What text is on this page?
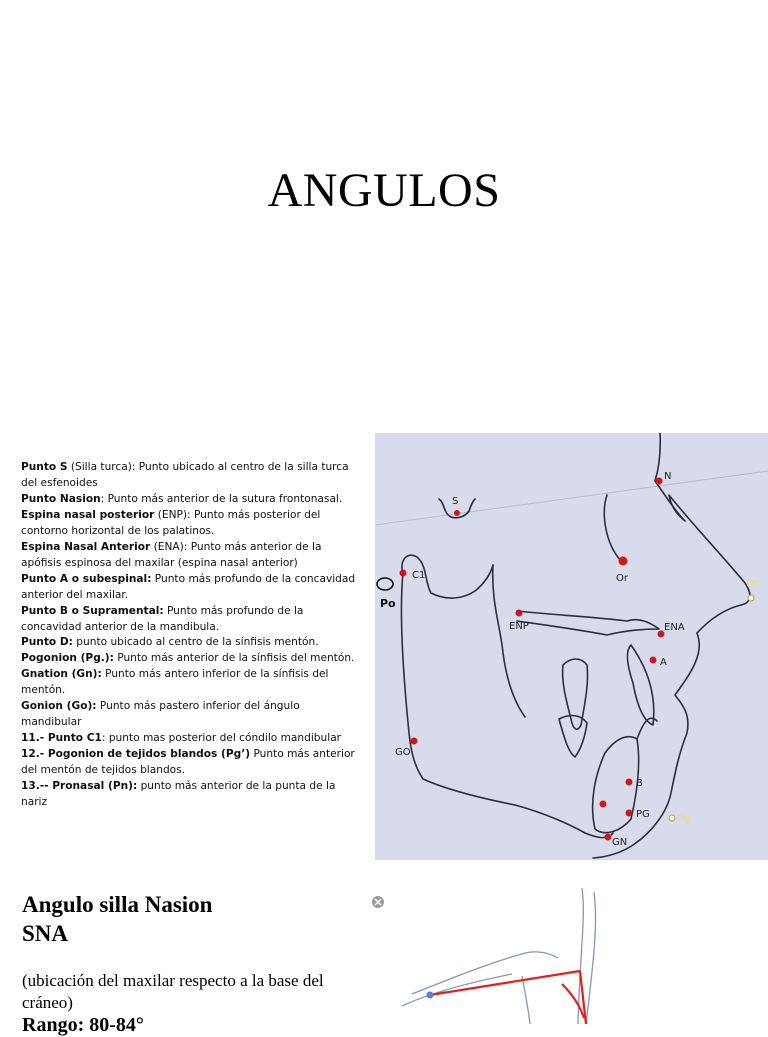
ANGULOS

Punto S (Silla turca): Punto ubicado al centro de la silla turca del esfenoides

Punto Nasion: Punto más anterior de la sutura frontonasal.

Espina nasal posterior (ENP): Punto más posterior del contorno horizontal de los palatinos.

Espina Nasal Anterior (ENA): Punto más anterior de la apófisis espinosa del maxilar (espina nasal anterior)

Punto A o subespinal: Punto más profundo de la concavidad anterior del maxilar.

Punto B o Supramental: Punto más profundo de la concavidad anterior de la mandibula.

Punto D: punto ubicado al centro de la sínfisis mentón.

Pogonion (Pg.): Punto más anterior de la sínfisis del mentón.

Gnation (Gn): Punto más antero inferior de la sínfisis del mentón.

Gonion (Go): Punto más pastero inferior del ángulo mandibular

11.- Punto C1: punto mas posterior del cóndilo mandibular

12.- Pogonion de tejidos blandos (Pg’) Punto más anterior del mentón de tejidos blandos.

13.-- Pronasal (Pn): punto más anterior de la punta de la nariz

S
N
Or
Po
C1
Pn'
ENP	ENA
A
GO
B
PG	Pg'
GN
Angulo silla Nasion
SNA
(ubicación del maxilar respecto a la base del cráneo)
Rango: 80-84°
